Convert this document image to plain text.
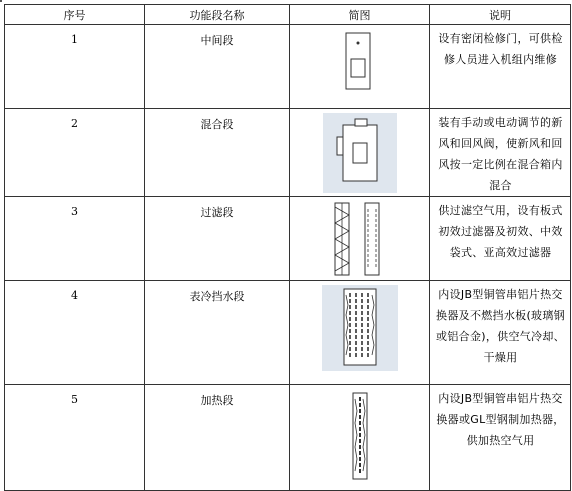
序号	功能段名称	简图	说明
1	中间段		设有密闭检修门，可供检修人员进入机组内维修
2	混合段		装有手动或电动调节的新风和回风阀，使新风和回风按一定比例在混合箱内混合
3	过滤段		供过滤空气用，设有板式初效过滤器及初效、中效袋式、亚高效过滤器
4	表冷挡水段		内设JB型铜管串铝片热交换器及不燃挡水板(玻璃钢或铝合金)，供空气冷却、干燥用
5	加热段		内设JB型铜管串铝片热交换器或GL型钢制加热器，供加热空气用
